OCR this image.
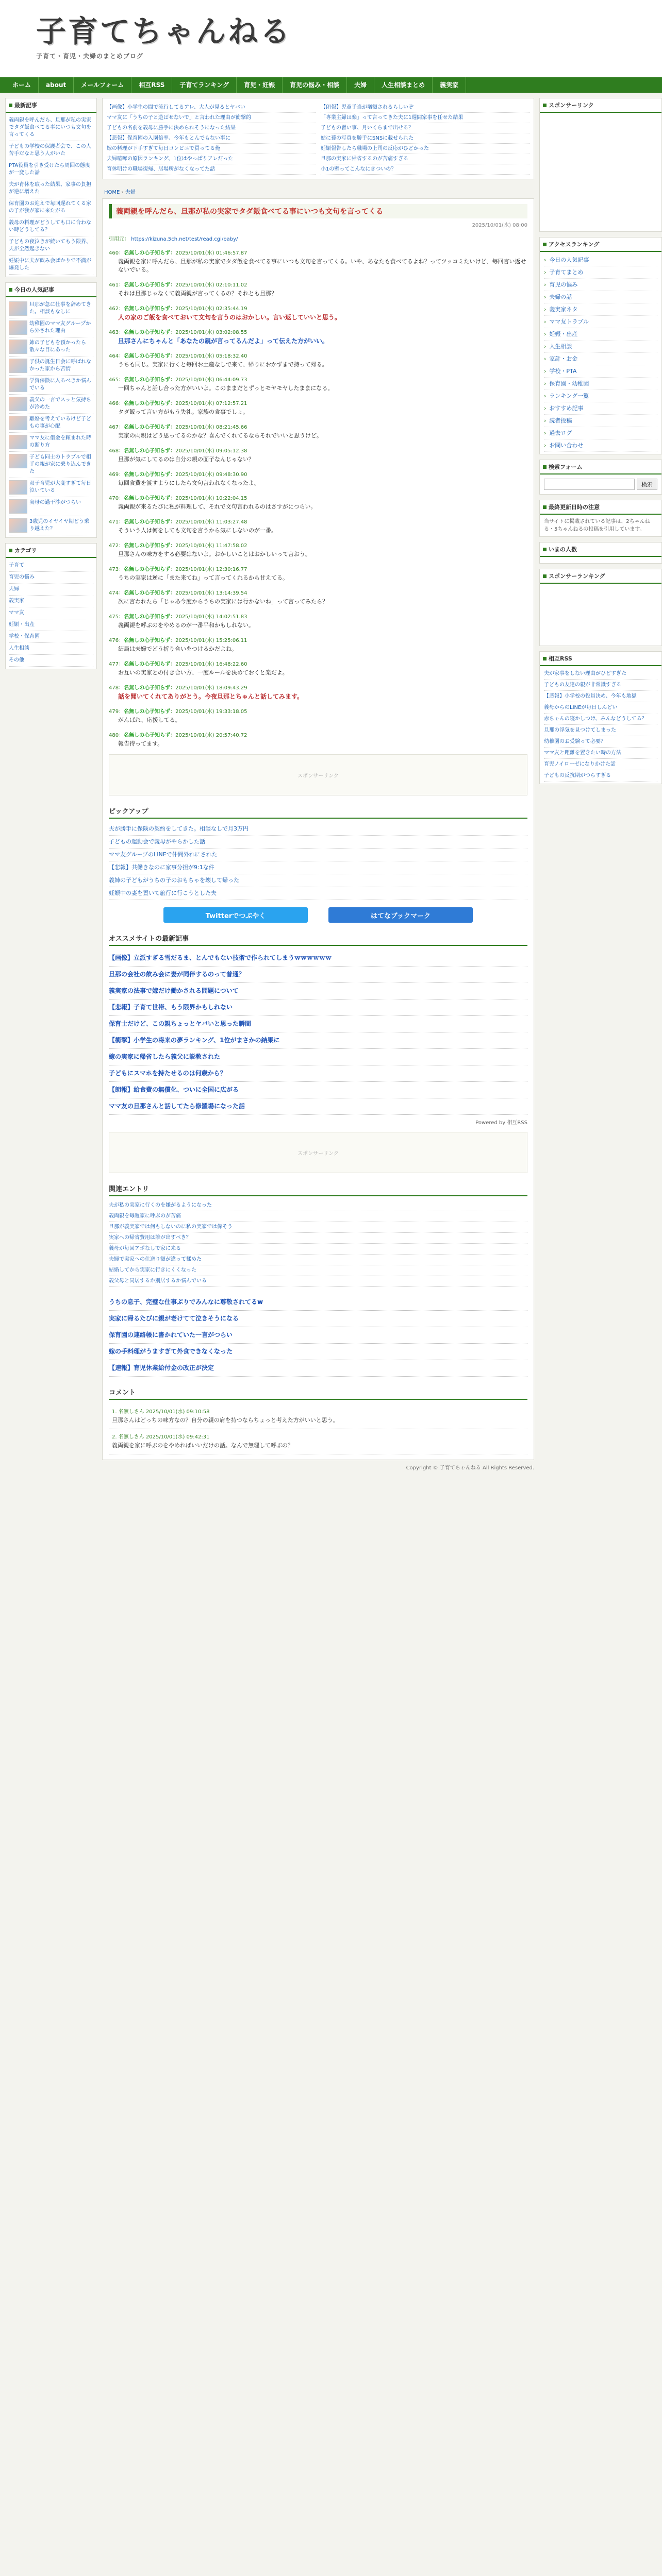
子育てちゃんねる
子育て・育児・夫婦のまとめブログ
ホーム	about	メールフォーム	相互RSS	子育てランキング	育児・妊娠	育児の悩み・相談	夫婦	人生相談まとめ	義実家
最新記事
義両親を呼んだら、旦那が私の実家でタダ飯食べてる事にいつも文句を言ってくる
子どもの学校の保護者会で、この人苦手だなと思う人がいた
PTA役員を引き受けたら周囲の態度が一変した話
夫が育休を取った結果、家事の負担が逆に増えた
保育園のお迎えで毎回遅れてくる家の子が我が家に来たがる
義母の料理がどうしても口に合わない時どうしてる？
子どもの夜泣きが続いてもう限界、夫が全然起きない
妊娠中に夫が飲み会ばかりで不満が爆発した
今日の人気記事
旦那が急に仕事を辞めてきた。相談もなしに
幼稚園のママ友グループから外された理由
姉の子どもを預かったら散々な目にあった
子供の誕生日会に呼ばれなかった家から苦情
学資保険に入るべきか悩んでいる
義父の一言でスッと気持ちが冷めた
離婚を考えているけど子どもの事が心配
ママ友に借金を頼まれた時の断り方
子ども同士のトラブルで相手の親が家に乗り込んできた
双子育児が大変すぎて毎日泣いている
実母の過干渉がつらい
3歳児のイヤイヤ期どう乗り越えた？
カテゴリ
子育て
育児の悩み
夫婦
義実家
ママ友
妊娠・出産
学校・保育園
人生相談
その他
【画像】小学生の間で流行してるアレ、大人が見るとヤバい
ママ友に「うちの子と遊ばせないで」と言われた理由が衝撃的
子どもの名前を義母に勝手に決められそうになった結果
【悲報】保育園の入園倍率、今年もとんでもない事に
嫁の料理が下手すぎて毎日コンビニで買ってる俺
夫婦喧嘩の原因ランキング、1位はやっぱりアレだった
育休明けの職場復帰、居場所がなくなってた話
【朗報】児童手当が増額されるらしいぞ
「専業主婦は楽」って言ってきた夫に1週間家事を任せた結果
子どもの習い事、月いくらまで出せる？
姑に孫の写真を勝手にSNSに載せられた
妊娠報告したら職場の上司の反応がひどかった
旦那の実家に帰省するのが苦痛すぎる
小1の壁ってこんなにきついの？
HOME › 夫婦
義両親を呼んだら、旦那が私の実家でタダ飯食べてる事にいつも文句を言ってくる
2025/10/01(水) 08:00
引用元： https://kizuna.5ch.net/test/read.cgi/baby/
460：名無しの心子知らず：2025/10/01(水) 01:46:57.87
義両親を家に呼んだら、旦那が私の実家でタダ飯を食べてる事にいつも文句を言ってくる。いや、あなたも食べてるよね？ってツッコミたいけど、毎回言い返せないでいる。
461：名無しの心子知らず：2025/10/01(水) 02:10:11.02
それは旦那じゃなくて義両親が言ってくるの？それとも旦那？
462：名無しの心子知らず：2025/10/01(水) 02:35:44.19
人の家のご飯を食べておいて文句を言うのはおかしい。言い返していいと思う。
463：名無しの心子知らず：2025/10/01(水) 03:02:08.55
旦那さんにちゃんと「あなたの親が言ってるんだよ」って伝えた方がいい。
464：名無しの心子知らず：2025/10/01(水) 05:18:32.40
うちも同じ。実家に行くと毎回お土産なしで来て、帰りにおかずまで持って帰る。
465：名無しの心子知らず：2025/10/01(水) 06:44:09.73
一回ちゃんと話し合った方がいいよ。このままだとずっとモヤモヤしたままになる。
466：名無しの心子知らず：2025/10/01(水) 07:12:57.21
タダ飯って言い方がもう失礼。家族の食事でしょ。
467：名無しの心子知らず：2025/10/01(水) 08:21:45.66
実家の両親はどう思ってるのかな？喜んでくれてるならそれでいいと思うけど。
468：名無しの心子知らず：2025/10/01(水) 09:05:12.38
旦那が気にしてるのは自分の親の面子なんじゃない？
469：名無しの心子知らず：2025/10/01(水) 09:48:30.90
毎回食費を渡すようにしたら文句言われなくなったよ。
470：名無しの心子知らず：2025/10/01(水) 10:22:04.15
義両親が来るたびに私が料理して、それで文句言われるのはさすがにつらい。
471：名無しの心子知らず：2025/10/01(水) 11:03:27.48
そういう人は何をしても文句を言うから気にしないのが一番。
472：名無しの心子知らず：2025/10/01(水) 11:47:58.02
旦那さんの味方をする必要はないよ。おかしいことはおかしいって言おう。
473：名無しの心子知らず：2025/10/01(水) 12:30:16.77
うちの実家は逆に「また来てね」って言ってくれるから甘えてる。
474：名無しの心子知らず：2025/10/01(水) 13:14:39.54
次に言われたら「じゃあ今度からうちの実家には行かないね」って言ってみたら？
475：名無しの心子知らず：2025/10/01(水) 14:02:51.83
義両親を呼ぶのをやめるのが一番平和かもしれない。
476：名無しの心子知らず：2025/10/01(水) 15:25:06.11
結局は夫婦でどう折り合いをつけるかだよね。
477：名無しの心子知らず：2025/10/01(水) 16:48:22.60
お互いの実家との付き合い方、一度ルールを決めておくと楽だよ。
478：名無しの心子知らず：2025/10/01(水) 18:09:43.29
話を聞いてくれてありがとう。今夜旦那とちゃんと話してみます。
479：名無しの心子知らず：2025/10/01(水) 19:33:18.05
がんばれ、応援してる。
480：名無しの心子知らず：2025/10/01(水) 20:57:40.72
報告待ってます。
スポンサーリンク
ピックアップ
夫が勝手に保険の契約をしてきた。相談なしで月3万円
子どもの運動会で義母がやらかした話
ママ友グループのLINEで仲間外れにされた
【悲報】共働きなのに家事分担が9:1な件
義姉の子どもがうちの子のおもちゃを壊して帰った
妊娠中の妻を置いて旅行に行こうとした夫
Twitterでつぶやく	はてなブックマーク
オススメサイトの最新記事
【画像】立派すぎる雪だるま、とんでもない技術で作られてしまうｗｗｗｗｗｗ
旦那の会社の飲み会に妻が同伴するのって普通？
義実家の法事で嫁だけ働かされる問題について
【悲報】子育て世帯、もう限界かもしれない
保育士だけど、この親ちょっとヤバいと思った瞬間
【衝撃】小学生の将来の夢ランキング、1位がまさかの結果に
嫁の実家に帰省したら義父に説教された
子どもにスマホを持たせるのは何歳から？
【朗報】給食費の無償化、ついに全国に広がる
ママ友の旦那さんと話してたら修羅場になった話
Powered by 相互RSS
スポンサーリンク
関連エントリ
夫が私の実家に行くのを嫌がるようになった
義両親を毎週家に呼ぶのが苦痛
旦那が義実家では何もしないのに私の実家では偉そう
実家への帰省費用は誰が出すべき？
義母が毎回アポなしで家に来る
夫婦で実家への仕送り額が違って揉めた
結婚してから実家に行きにくくなった
義父母と同居するか別居するか悩んでいる
うちの息子、完璧な仕事ぶりでみんなに尊敬されてるw
実家に帰るたびに親が老けてて泣きそうになる
保育園の連絡帳に書かれていた一言がつらい
嫁の手料理がうますぎて外食できなくなった
【速報】育児休業給付金の改正が決定
コメント
1. 名無しさん 2025/10/01(水) 09:10:58
旦那さんはどっちの味方なの？自分の親の肩を持つならちょっと考えた方がいいと思う。
2. 名無しさん 2025/10/01(水) 09:42:31
義両親を家に呼ぶのをやめればいいだけの話。なんで無理して呼ぶの？
Copyright © 子育てちゃんねる All Rights Reserved.
スポンサーリンク
アクセスランキング
› 今日の人気記事
› 子育てまとめ
› 育児の悩み
› 夫婦の話
› 義実家ネタ
› ママ友トラブル
› 妊娠・出産
› 人生相談
› 家計・お金
› 学校・PTA
› 保育園・幼稚園
› ランキング一覧
› おすすめ記事
› 読者投稿
› 過去ログ
› お問い合わせ
検索フォーム
検索
最終更新日時の注意
当サイトに掲載されている記事は、2ちゃんねる・5ちゃんねるの投稿を引用しています。
いまの人数
スポンサーランキング
相互RSS
夫が家事をしない理由がひどすぎた
子どもの友達の親が非常識すぎる
【悲報】小学校の役員決め、今年も地獄
義母からのLINEが毎日しんどい
赤ちゃんの寝かしつけ、みんなどうしてる？
旦那の浮気を見つけてしまった
幼稚園のお受験って必要？
ママ友と距離を置きたい時の方法
育児ノイローゼになりかけた話
子どもの反抗期がつらすぎる
